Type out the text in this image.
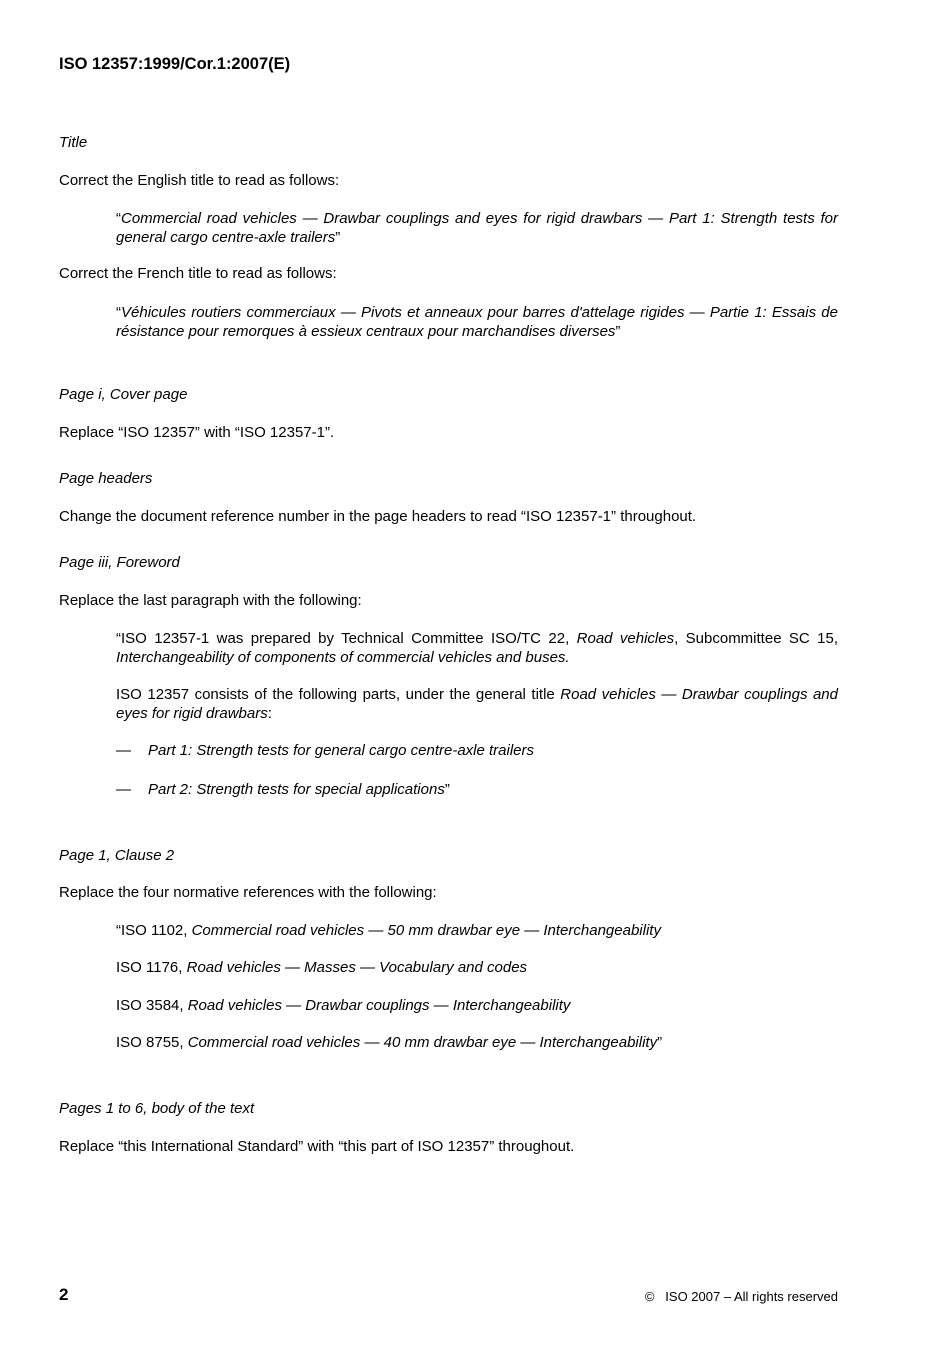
ISO 12357:1999/Cor.1:2007(E)
Title
Correct the English title to read as follows:
“Commercial road vehicles — Drawbar couplings and eyes for rigid drawbars — Part 1: Strength tests for general cargo centre-axle trailers”
Correct the French title to read as follows:
“Véhicules routiers commerciaux — Pivots et anneaux pour barres d'attelage rigides — Partie 1: Essais de résistance pour remorques à essieux centraux pour marchandises diverses”
Page i, Cover page
Replace “ISO 12357” with “ISO 12357-1”.
Page headers
Change the document reference number in the page headers to read “ISO 12357-1” throughout.
Page iii, Foreword
Replace the last paragraph with the following:
“ISO 12357-1 was prepared by Technical Committee ISO/TC 22, Road vehicles, Subcommittee SC 15, Interchangeability of components of commercial vehicles and buses.
ISO 12357 consists of the following parts, under the general title Road vehicles — Drawbar couplings and eyes for rigid drawbars:
— Part 1: Strength tests for general cargo centre-axle trailers
— Part 2: Strength tests for special applications”
Page 1, Clause 2
Replace the four normative references with the following:
“ISO 1102, Commercial road vehicles — 50 mm drawbar eye — Interchangeability
ISO 1176, Road vehicles — Masses — Vocabulary and codes
ISO 3584, Road vehicles — Drawbar couplings — Interchangeability
ISO 8755, Commercial road vehicles — 40 mm drawbar eye — Interchangeability”
Pages 1 to 6, body of the text
Replace “this International Standard” with “this part of ISO 12357” throughout.
2	©   ISO 2007 – All rights reserved
